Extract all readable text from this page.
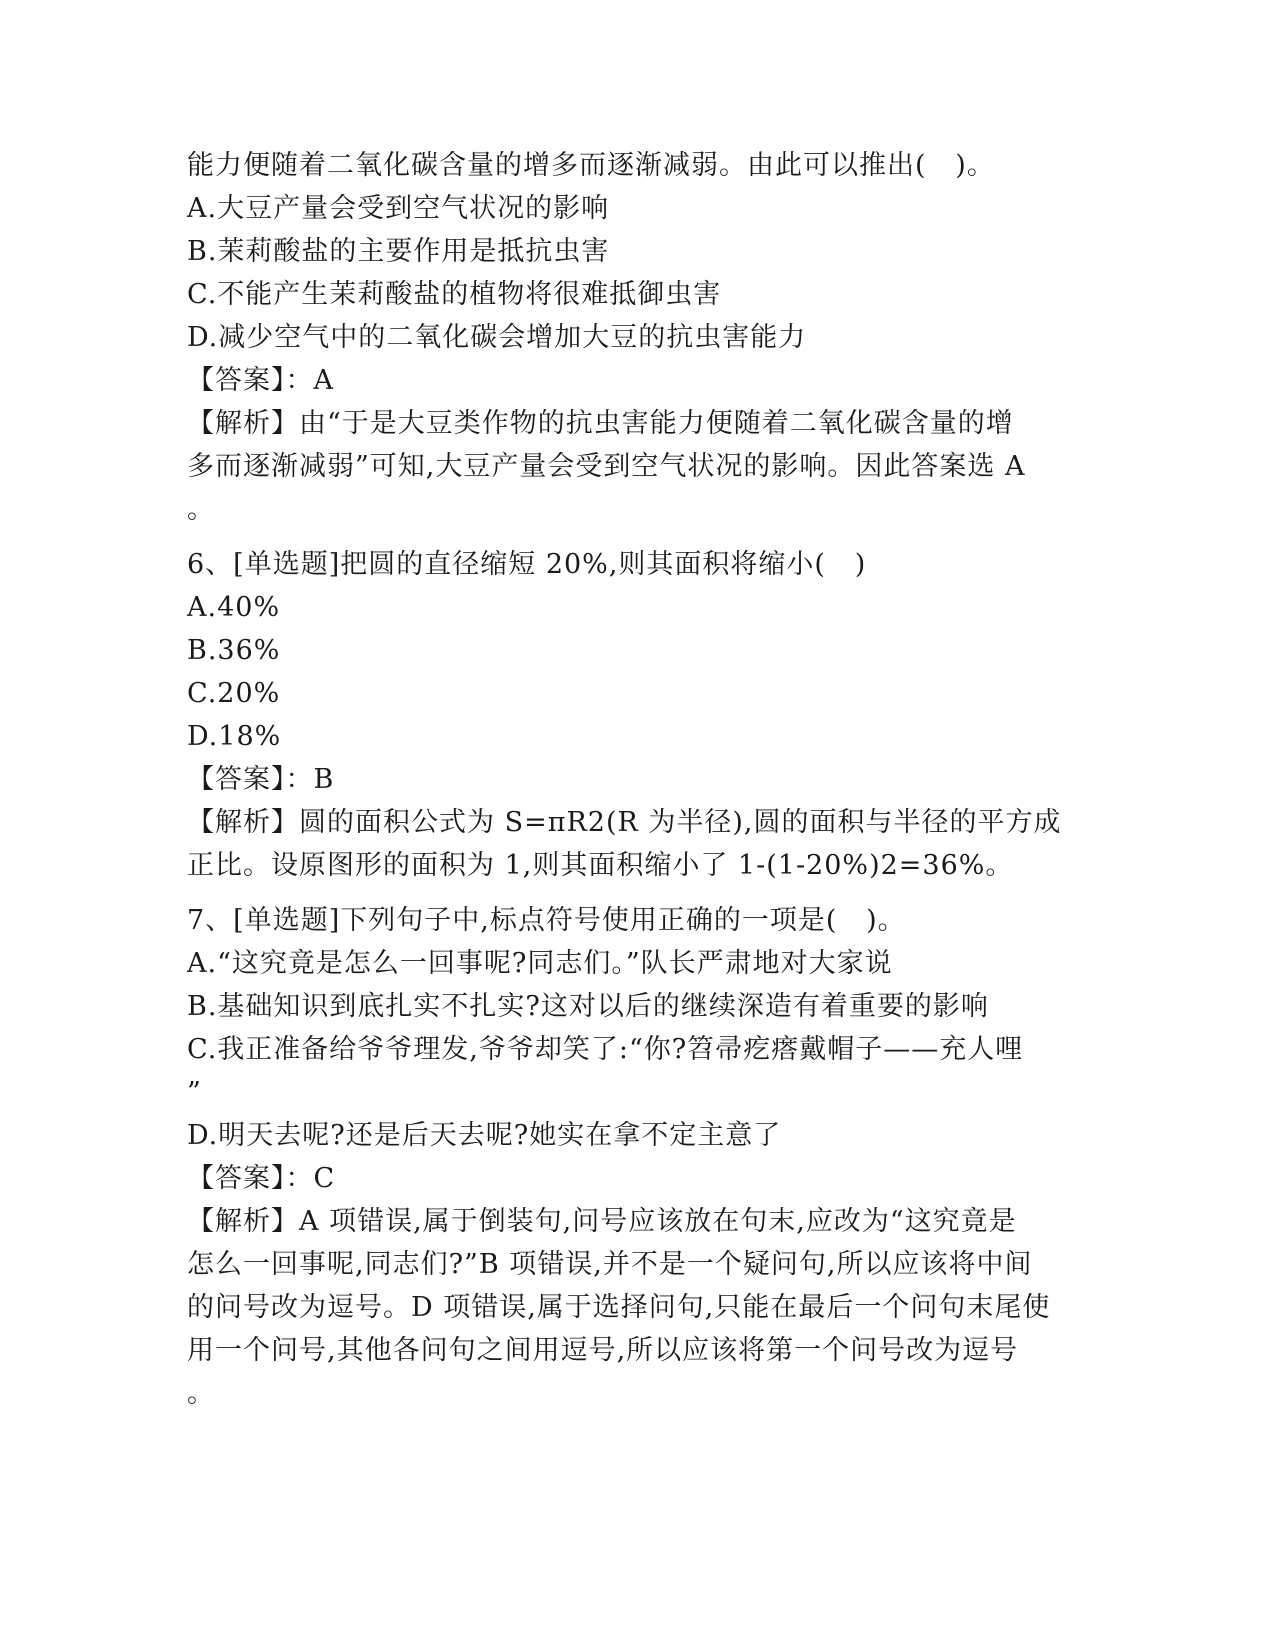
能力便随着二氧化碳含量的增多而逐渐减弱。由此可以推出(   )。
A.大豆产量会受到空气状况的影响
B.茉莉酸盐的主要作用是抵抗虫害
C.不能产生茉莉酸盐的植物将很难抵御虫害
D.减少空气中的二氧化碳会增加大豆的抗虫害能力
【答案】：A
【解析】由“于是大豆类作物的抗虫害能力便随着二氧化碳含量的增
多而逐渐减弱”可知,大豆产量会受到空气状况的影响。因此答案选 A
。
6、[单选题]把圆的直径缩短 20%,则其面积将缩小(   )
A.40%
B.36%
C.20%
D.18%
【答案】：B
【解析】圆的面积公式为 S=πR2(R 为半径),圆的面积与半径的平方成
正比。设原图形的面积为 1,则其面积缩小了 1-(1-20%)2=36%。
7、[单选题]下列句子中,标点符号使用正确的一项是(   )。
A.“这究竟是怎么一回事呢?同志们。”队长严肃地对大家说
B.基础知识到底扎实不扎实?这对以后的继续深造有着重要的影响
C.我正准备给爷爷理发,爷爷却笑了:“你?笤帚疙瘩戴帽子——充人哩
”
D.明天去呢?还是后天去呢?她实在拿不定主意了
【答案】：C
【解析】A 项错误,属于倒装句,问号应该放在句末,应改为“这究竟是
怎么一回事呢,同志们?”B 项错误,并不是一个疑问句,所以应该将中间
的问号改为逗号。D 项错误,属于选择问句,只能在最后一个问句末尾使
用一个问号,其他各问句之间用逗号,所以应该将第一个问号改为逗号
。
